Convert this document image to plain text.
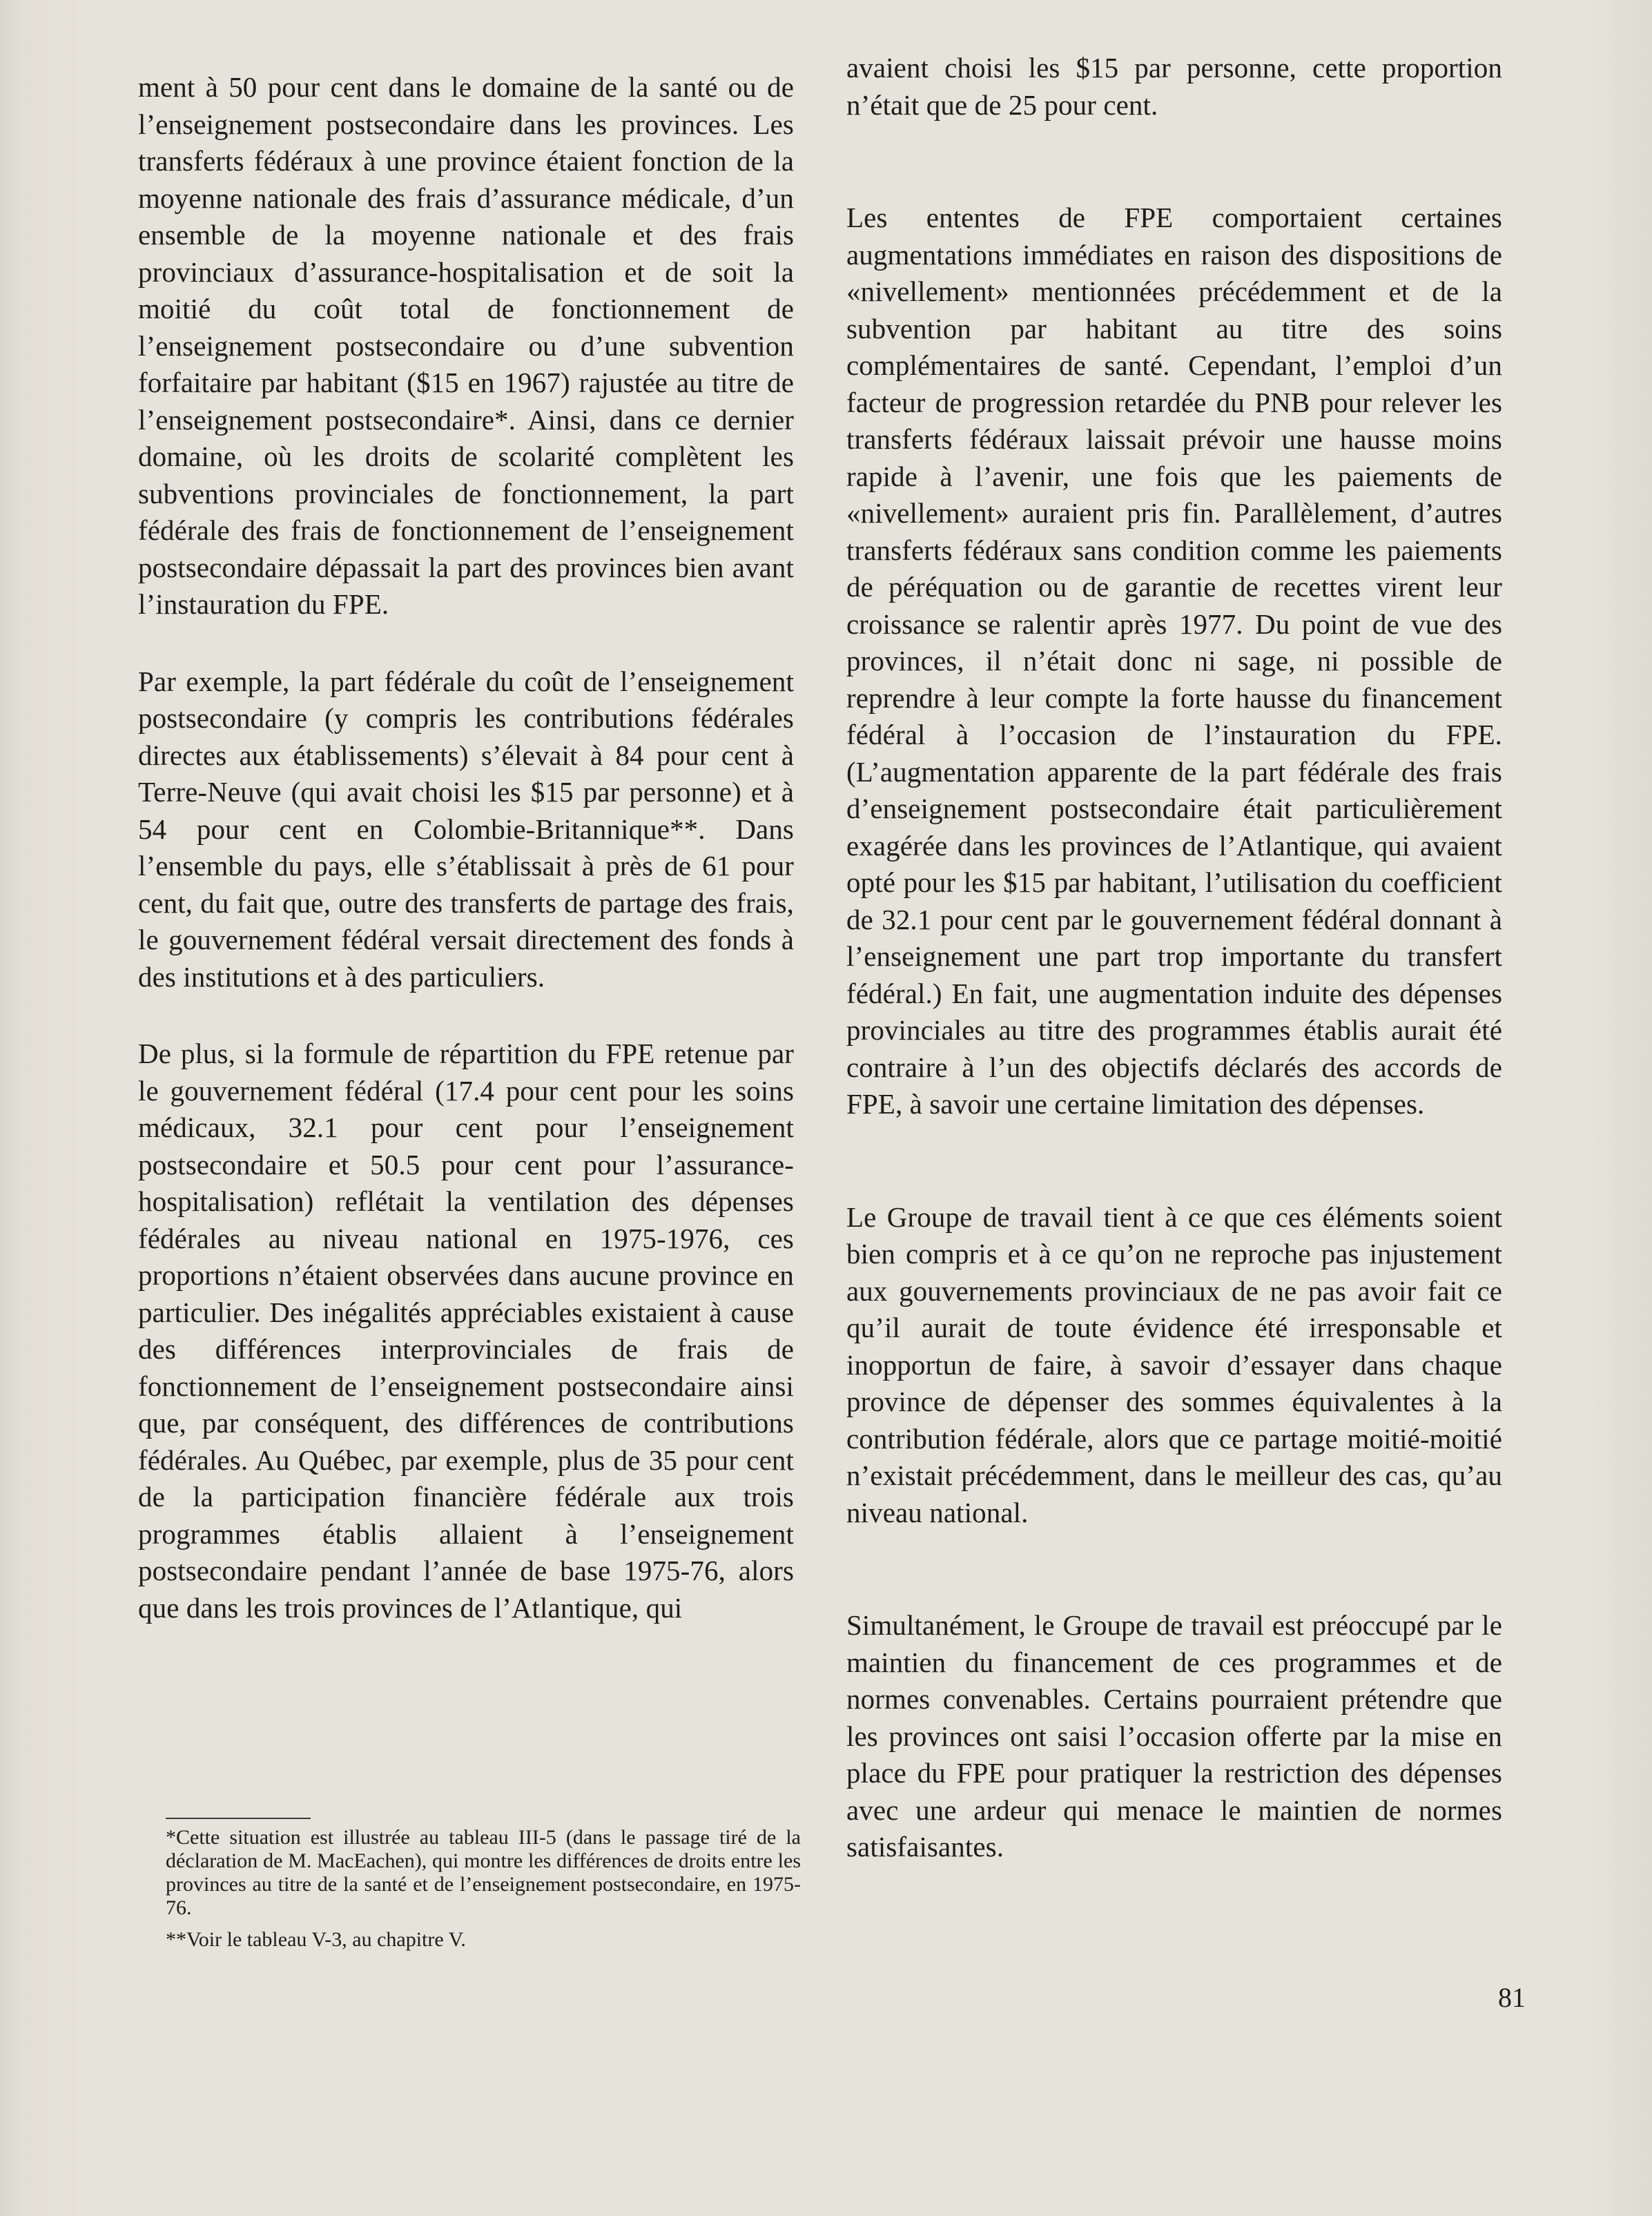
ment à 50 pour cent dans le domaine de la santé ou de l’enseignement postsecondaire dans les provinces. Les transferts fédéraux à une province étaient fonction de la moyenne nationale des frais d’assurance médicale, d’un ensemble de la moyenne nationale et des frais provinciaux d’assurance-hospitalisation et de soit la moitié du coût total de fonctionnement de l’enseignement postsecondaire ou d’une subvention forfaitaire par habitant ($15 en 1967) rajustée au titre de l’enseignement postsecondaire*. Ainsi, dans ce dernier domaine, où les droits de scolarité complètent les subventions provinciales de fonctionnement, la part fédérale des frais de fonctionnement de l’enseignement postsecondaire dépassait la part des provinces bien avant l’instauration du FPE.

Par exemple, la part fédérale du coût de l’enseignement postsecondaire (y compris les contributions fédérales directes aux établissements) s’élevait à 84 pour cent à Terre-Neuve (qui avait choisi les $15 par personne) et à 54 pour cent en Colombie-Britannique**. Dans l’ensemble du pays, elle s’établissait à près de 61 pour cent, du fait que, outre des transferts de partage des frais, le gouvernement fédéral versait directement des fonds à des institutions et à des particuliers.

De plus, si la formule de répartition du FPE retenue par le gouvernement fédéral (17.4 pour cent pour les soins médicaux, 32.1 pour cent pour l’enseignement postsecondaire et 50.5 pour cent pour l’assurance-hospitalisation) reflétait la ventilation des dépenses fédérales au niveau national en 1975-1976, ces proportions n’étaient observées dans aucune province en particulier. Des inégalités appréciables existaient à cause des différences interprovinciales de frais de fonctionnement de l’enseignement postsecondaire ainsi que, par conséquent, des différences de contributions fédérales. Au Québec, par exemple, plus de 35 pour cent de la participation financière fédérale aux trois programmes établis allaient à l’enseignement postsecondaire pendant l’année de base 1975-76, alors que dans les trois provinces de l’Atlantique, qui

avaient choisi les $15 par personne, cette proportion n’était que de 25 pour cent.

Les ententes de FPE comportaient certaines augmentations immédiates en raison des dispositions de «nivellement» mentionnées précédemment et de la subvention par habitant au titre des soins complémentaires de santé. Cependant, l’emploi d’un facteur de progression retardée du PNB pour relever les transferts fédéraux laissait prévoir une hausse moins rapide à l’avenir, une fois que les paiements de «nivellement» auraient pris fin. Parallèlement, d’autres transferts fédéraux sans condition comme les paiements de péréquation ou de garantie de recettes virent leur croissance se ralentir après 1977. Du point de vue des provinces, il n’était donc ni sage, ni possible de reprendre à leur compte la forte hausse du financement fédéral à l’occasion de l’instauration du FPE. (L’augmentation apparente de la part fédérale des frais d’enseignement postsecondaire était particulièrement exagérée dans les provinces de l’Atlantique, qui avaient opté pour les $15 par habitant, l’utilisation du coefficient de 32.1 pour cent par le gouvernement fédéral donnant à l’enseignement une part trop importante du transfert fédéral.) En fait, une augmentation induite des dépenses provinciales au titre des programmes établis aurait été contraire à l’un des objectifs déclarés des accords de FPE, à savoir une certaine limitation des dépenses.

Le Groupe de travail tient à ce que ces éléments soient bien compris et à ce qu’on ne reproche pas injustement aux gouvernements provinciaux de ne pas avoir fait ce qu’il aurait de toute évidence été irresponsable et inopportun de faire, à savoir d’essayer dans chaque province de dépenser des sommes équivalentes à la contribution fédérale, alors que ce partage moitié-moitié n’existait précédemment, dans le meilleur des cas, qu’au niveau national.

Simultanément, le Groupe de travail est préoccupé par le maintien du financement de ces programmes et de normes convenables. Certains pourraient prétendre que les provinces ont saisi l’occasion offerte par la mise en place du FPE pour pratiquer la restriction des dépenses avec une ardeur qui menace le maintien de normes satisfaisantes.

*Cette situation est illustrée au tableau III-5 (dans le passage tiré de la déclaration de M. MacEachen), qui montre les différences de droits entre les provinces au titre de la santé et de l’enseignement postsecondaire, en 1975-76.

**Voir le tableau V-3, au chapitre V.

81
